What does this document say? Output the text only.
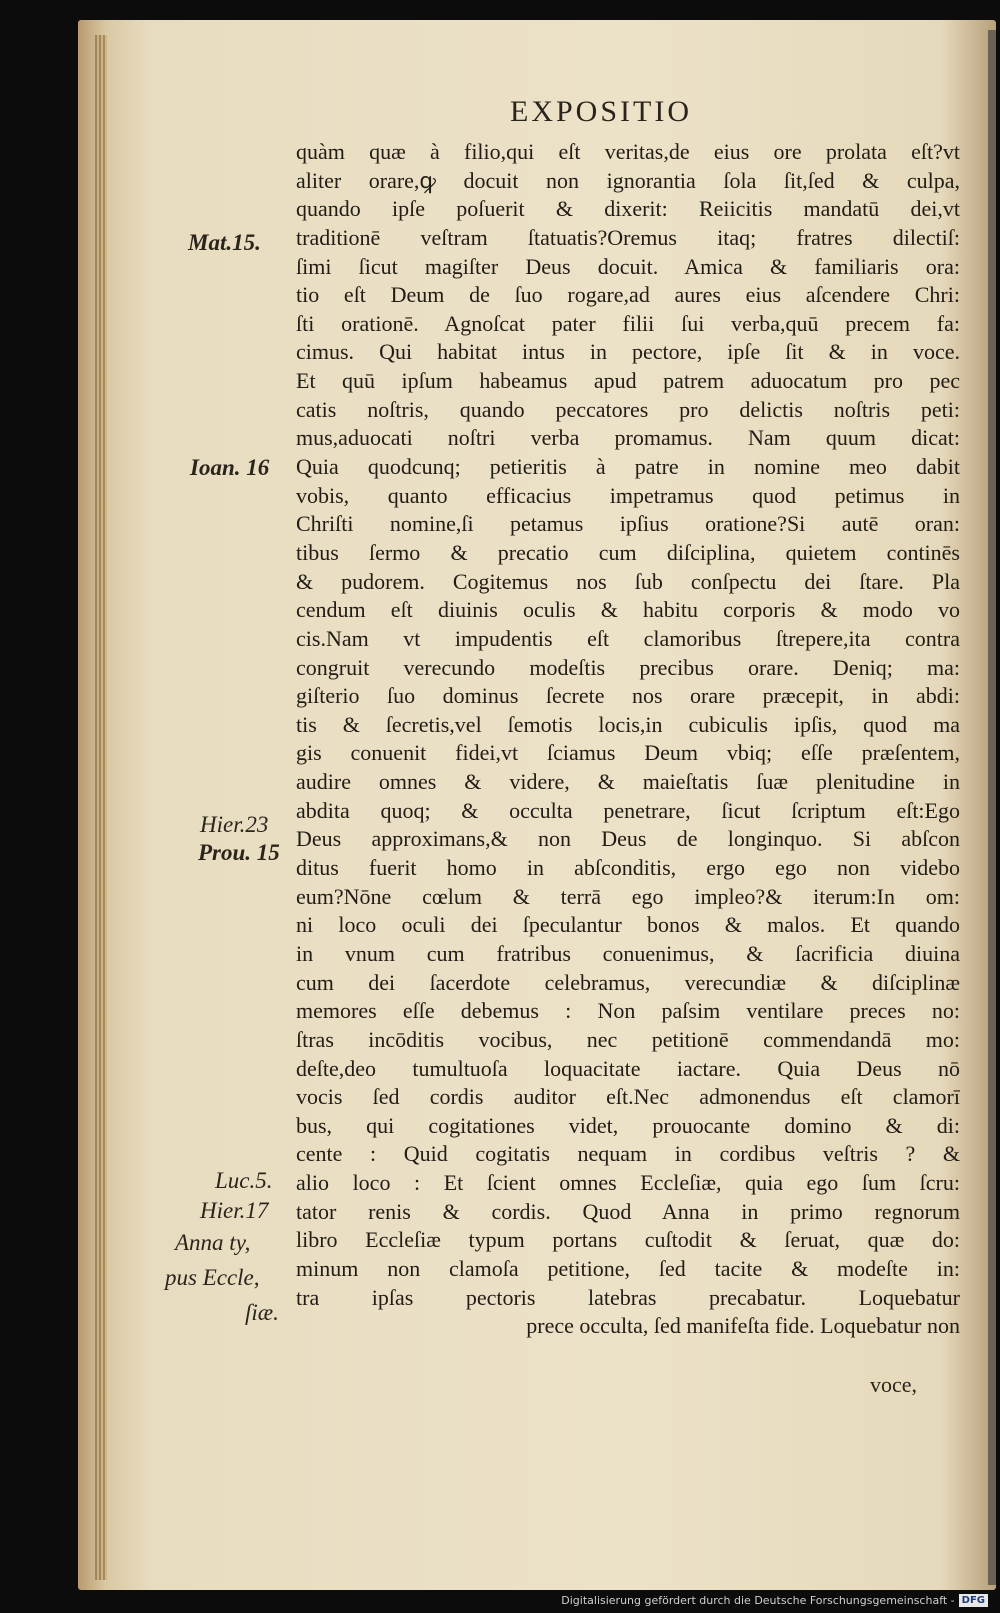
EXPOSITIO
quàm quæ à filio,qui eſt veritas,de eius ore prolata eſt?vt
aliter orare,ꝙ docuit non ignorantia ſola ſit,ſed & culpa,
quando ipſe poſuerit & dixerit: Reiicitis mandatū dei,vt
traditionē veſtram ſtatuatis?Oremus itaq; fratres dilectiſ:
ſimi ſicut magiſter Deus docuit. Amica & familiaris ora:
tio eſt Deum de ſuo rogare,ad aures eius aſcendere Chri:
ſti orationē. Agnoſcat pater filii ſui verba,quū precem fa:
cimus. Qui habitat intus in pectore, ipſe ſit & in voce.
Et quū ipſum habeamus apud patrem aduocatum pro pec
catis noſtris, quando peccatores pro delictis noſtris peti:
mus,aduocati noſtri verba promamus. Nam quum dicat:
Quia quodcunq; petieritis à patre in nomine meo dabit
vobis, quanto efficacius impetramus quod petimus in
Chriſti nomine,ſi petamus ipſius oratione?Si autē oran:
tibus ſermo & precatio cum diſciplina, quietem continēs
& pudorem. Cogitemus nos ſub conſpectu dei ſtare. Pla
cendum eſt diuinis oculis & habitu corporis & modo vo
cis.Nam vt impudentis eſt clamoribus ſtrepere,ita contra
congruit verecundo modeſtis precibus orare. Deniq; ma:
giſterio ſuo dominus ſecrete nos orare præcepit, in abdi:
tis & ſecretis,vel ſemotis locis,in cubiculis ipſis, quod ma
gis conuenit fidei,vt ſciamus Deum vbiq; eſſe præſentem,
audire omnes & videre, & maieſtatis ſuæ plenitudine in
abdita quoq; & occulta penetrare, ſicut ſcriptum eſt:Ego
Deus approximans,& non Deus de longinquo. Si abſcon
ditus fuerit homo in abſconditis, ergo ego non videbo
eum?Nōne cœlum & terrā ego impleo?& iterum:In om:
ni loco oculi dei ſpeculantur bonos & malos. Et quando
in vnum cum fratribus conuenimus, & ſacrificia diuina
cum dei ſacerdote celebramus, verecundiæ & diſciplinæ
memores eſſe debemus : Non paſsim ventilare preces no:
ſtras incōditis vocibus, nec petitionē commendandā mo:
deſte,deo tumultuoſa loquacitate iactare. Quia Deus nō
vocis ſed cordis auditor eſt.Nec admonendus eſt clamorī
bus, qui cogitationes videt, prouocante domino & di:
cente : Quid cogitatis nequam in cordibus veſtris ? &
alio loco : Et ſcient omnes Eccleſiæ, quia ego ſum ſcru:
tator renis & cordis. Quod Anna in primo regnorum
libro Eccleſiæ typum portans cuſtodit & ſeruat, quæ do:
minum non clamoſa petitione, ſed tacite & modeſte in:
tra ipſas pectoris latebras precabatur. Loquebatur
prece occulta, ſed manifeſta fide. Loquebatur non
Mat.15.
Ioan. 16
Hier.23
Prou. 15
Luc.5.
Hier.17
Anna ty,
pus Eccle,
ſiæ.
voce,
Digitalisierung gefördert durch die Deutsche Forschungsgemeinschaft - DFG
